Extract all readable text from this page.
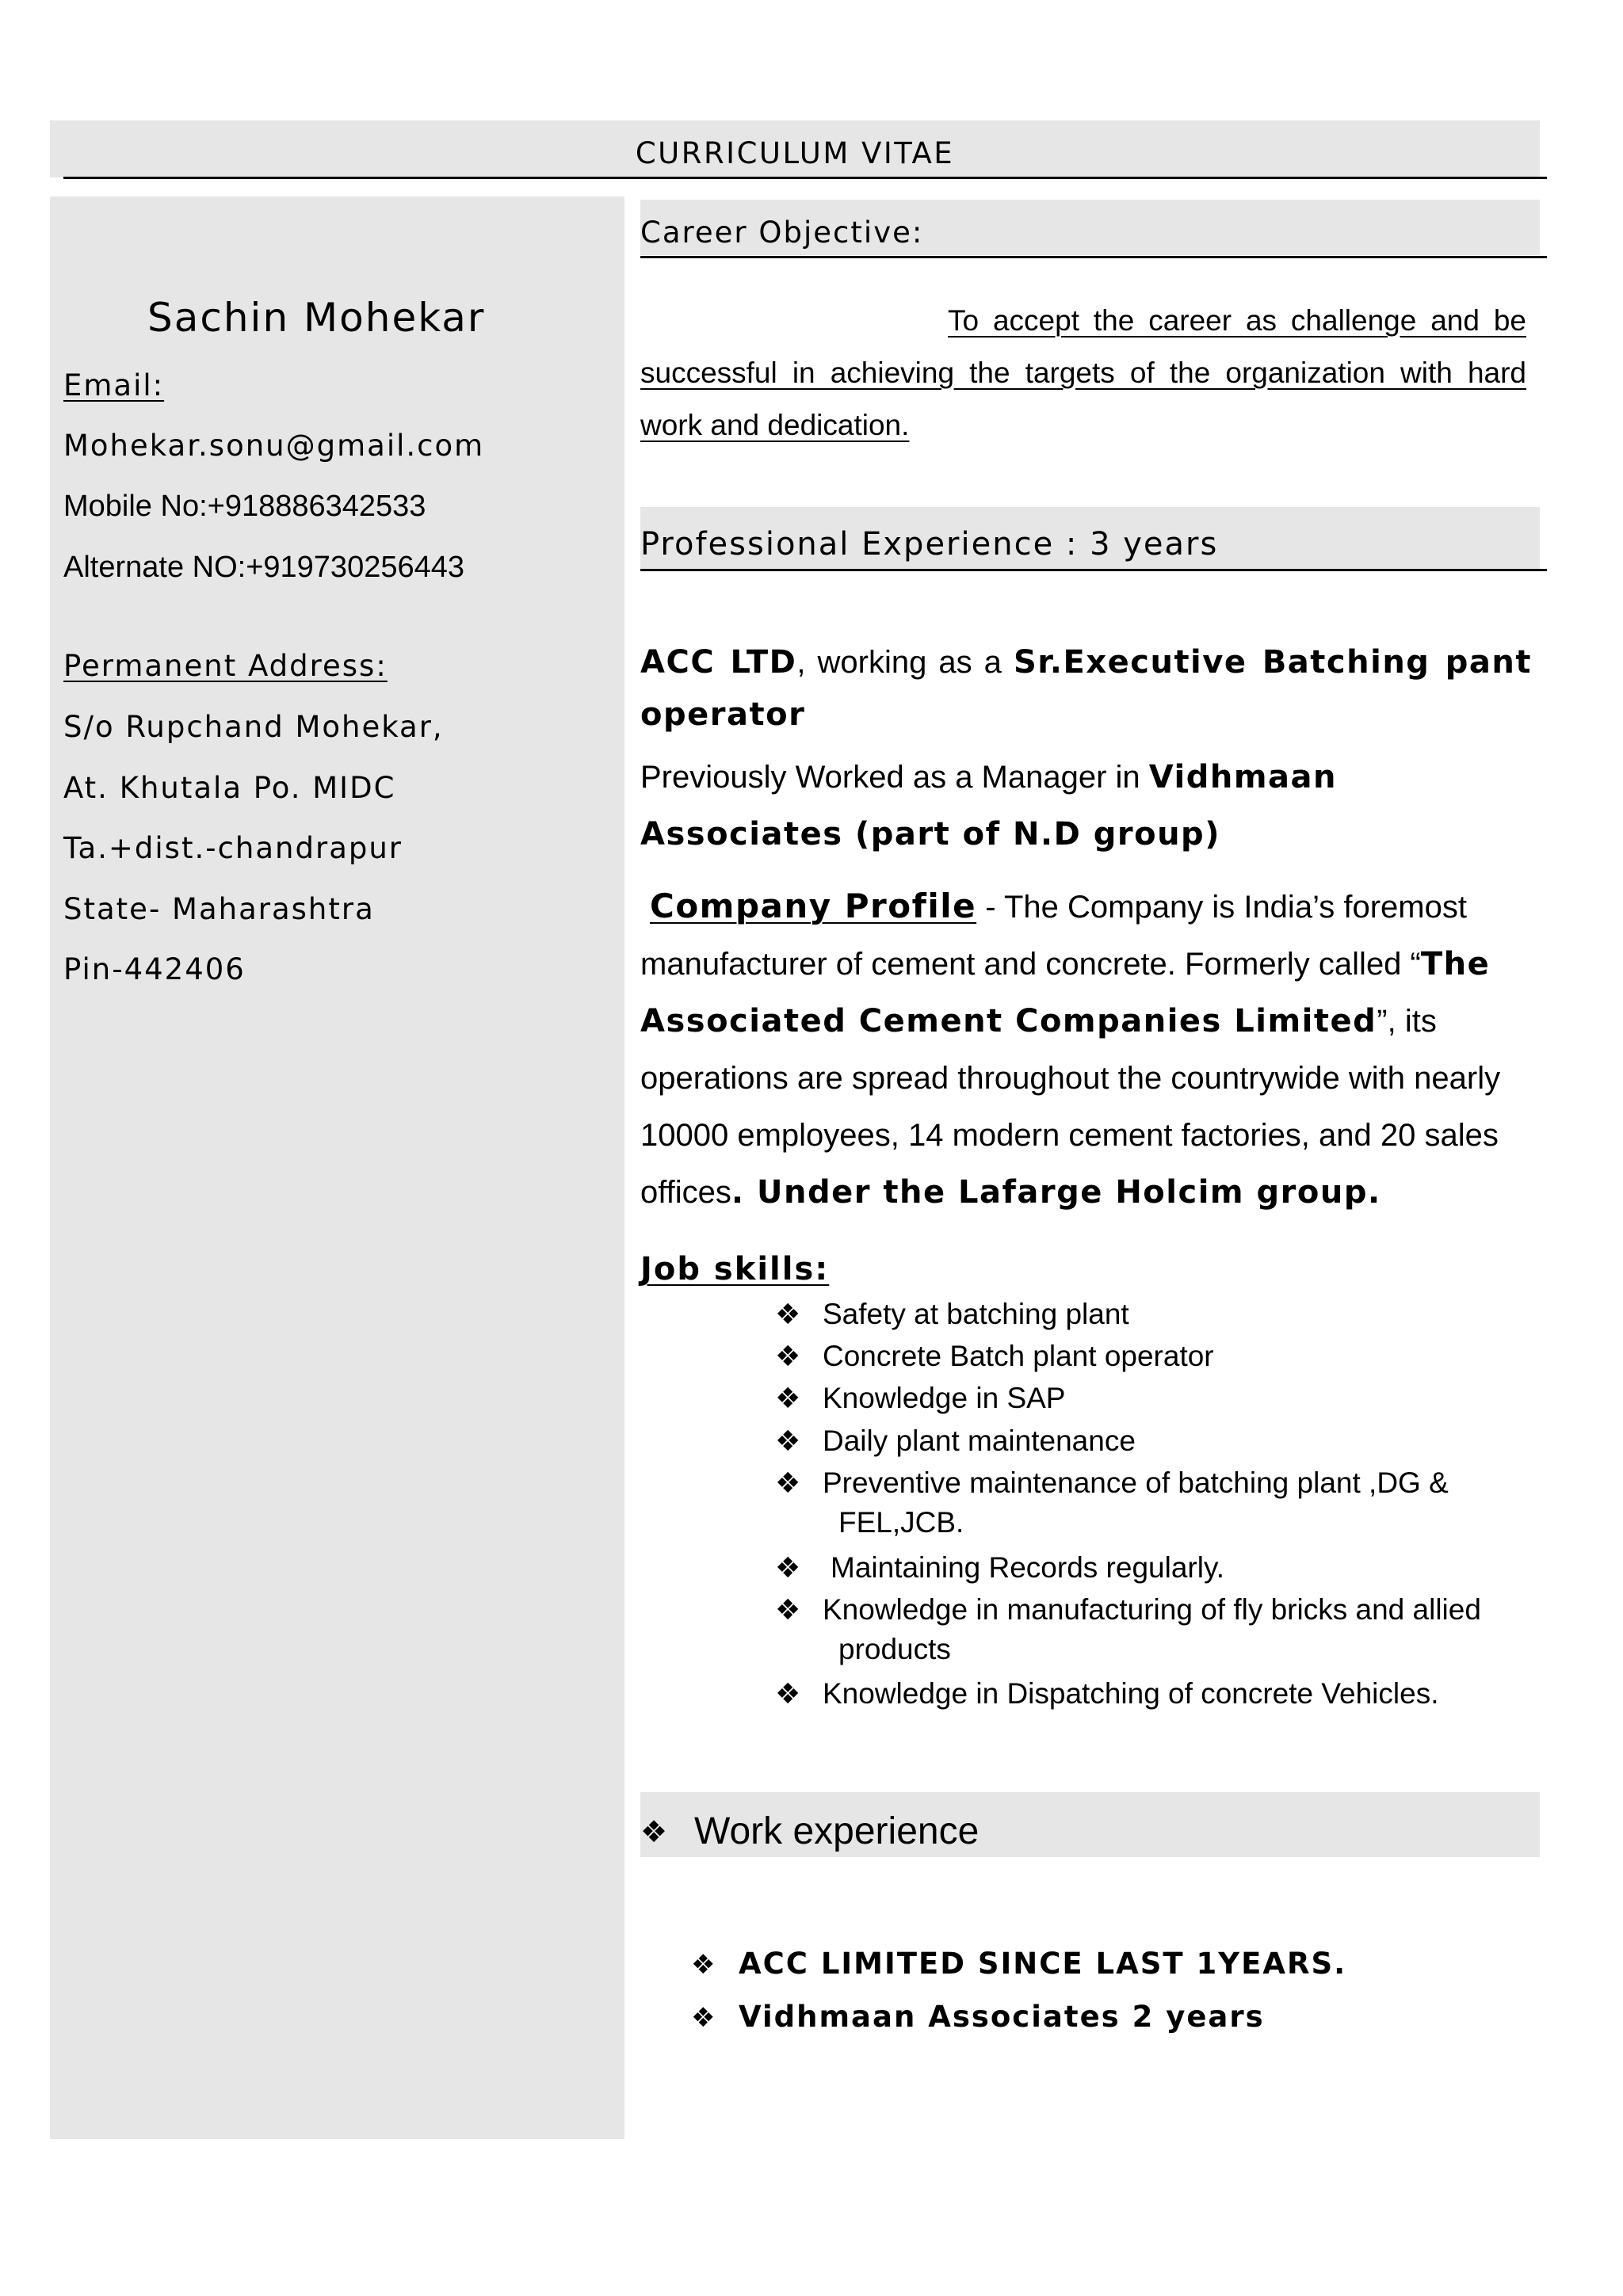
CURRICULUM VITAE
Sachin Mohekar
Email:
Mohekar.sonu@gmail.com
Mobile No:+918886342533
Alternate NO:+919730256443
Permanent Address:
S/o Rupchand Mohekar,
At. Khutala Po. MIDC
Ta.+dist.-chandrapur
State- Maharashtra
Pin-442406
Career Objective:
To accept the career as challenge and be successful in achieving the targets of the organization with hard work and dedication.
Professional Experience : 3 years
ACC LTD, working as a Sr.Executive Batching pant operator
Previously Worked as a Manager in Vidhmaan Associates (part of N.D group)
Company Profile - The Company is India’s foremost manufacturer of cement and concrete. Formerly called “The Associated Cement Companies Limited”, its operations are spread throughout the countrywide with nearly 10000 employees, 14 modern cement factories, and 20 sales offices. Under the Lafarge Holcim group.
Job skills:
❖ Safety at batching plant
❖ Concrete Batch plant operator
❖ Knowledge in SAP
❖ Daily plant maintenance
❖ Preventive maintenance of batching plant ,DG &
FEL,JCB.
❖ Maintaining Records regularly.
❖ Knowledge in manufacturing of fly bricks and allied
products
❖ Knowledge in Dispatching of concrete Vehicles.
❖ Work experience
❖ ACC LIMITED SINCE LAST 1YEARS.
❖ Vidhmaan Associates 2 years
